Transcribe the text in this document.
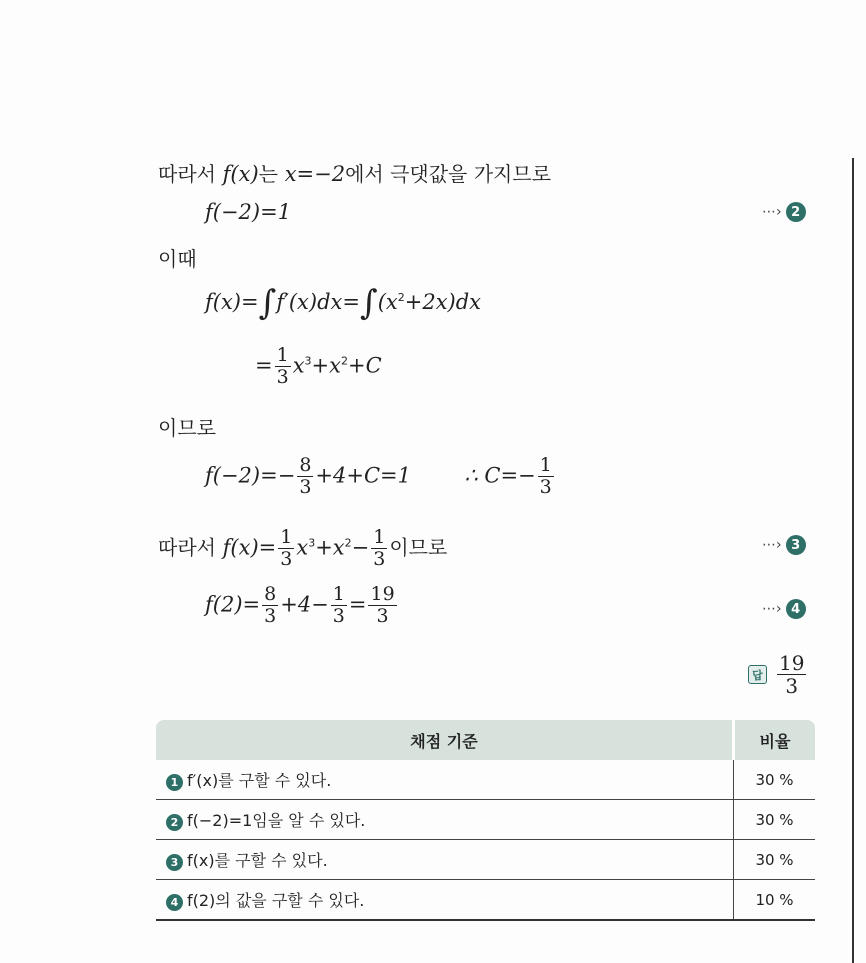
따라서 f(x)는 x=−2에서 극댓값을 가지므로
f(−2)=1	⋯› 2
이때
$f(x)=\int f'(x)dx=\int(x^2+2x)dx$
= $\frac{1}{3} x^3+x^2+C$
이므로
$f(-2)=- \frac{8}{3} +4+C=1$	∴ $C=- \frac{1}{3}$
따라서 $f(x)= \frac{1}{3} x^3+x^2- \frac{1}{3}$ 이므로	⋯› 3
$f(2)= \frac{8}{3} +4- \frac{1}{3} = \frac{19}{3}$	⋯› 4
답 $\frac{19}{3}$
채점 기준	비율
1 f′(x)를 구할 수 있다.	30 %
2 f(−2)=1임을 알 수 있다.	30 %
3 f(x)를 구할 수 있다.	30 %
4 f(2)의 값을 구할 수 있다.	10 %
